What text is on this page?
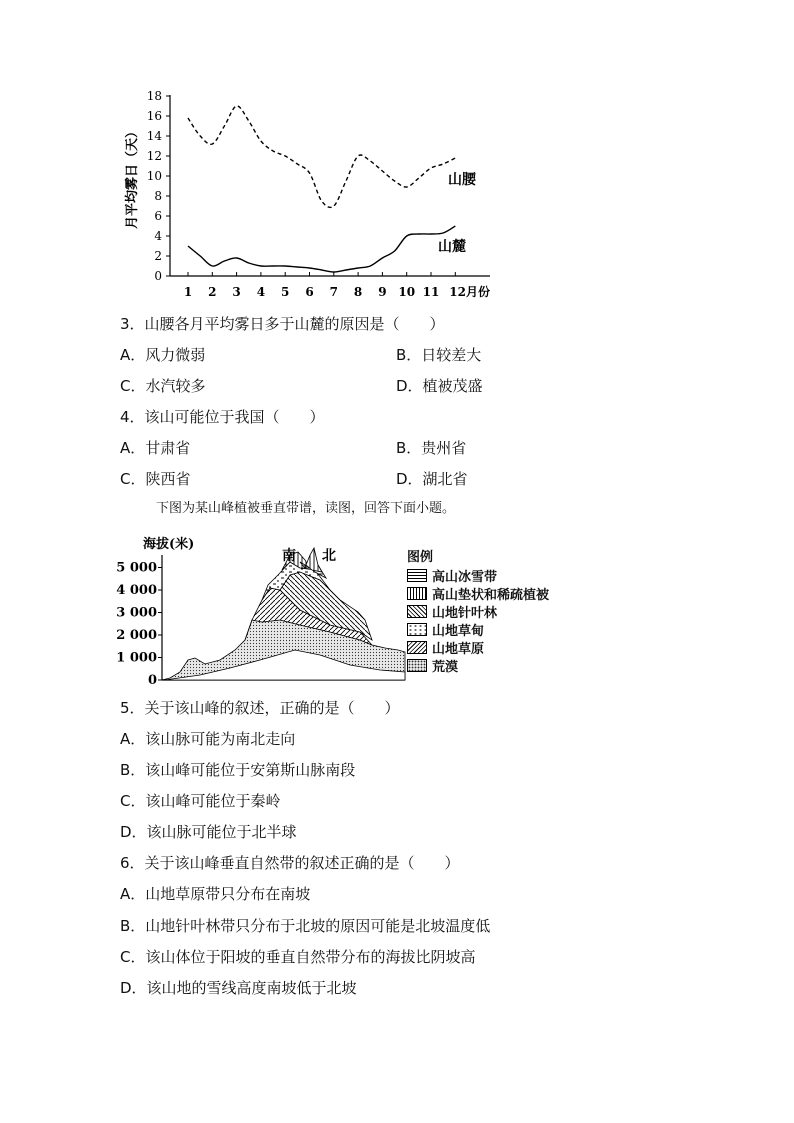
月平均雾日（天）
0
2
4
6
8
10
12
14
16
18
1 2 3 4 5 6 7 8 9 10 11 12月份
山腰
山麓
3．山腰各月平均雾日多于山麓的原因是（　　）
A．风力微弱	B．日较差大
C．水汽较多	D．植被茂盛
4．该山可能位于我国（　　）
A．甘肃省	B．贵州省
C．陕西省	D．湖北省
下图为某山峰植被垂直带谱，读图，回答下面小题。
海拔(米)
0
1 000
2 000
3 000
4 000
5 000
南 北	图例
高山冰雪带
高山垫状和稀疏植被
山地针叶林
山地草甸
山地草原
荒漠
5．关于该山峰的叙述，正确的是（　　）
A．该山脉可能为南北走向
B．该山峰可能位于安第斯山脉南段
C．该山峰可能位于秦岭
D．该山脉可能位于北半球
6．关于该山峰垂直自然带的叙述正确的是（　　）
A．山地草原带只分布在南坡
B．山地针叶林带只分布于北坡的原因可能是北坡温度低
C．该山体位于阳坡的垂直自然带分布的海拔比阴坡高
D．该山地的雪线高度南坡低于北坡
